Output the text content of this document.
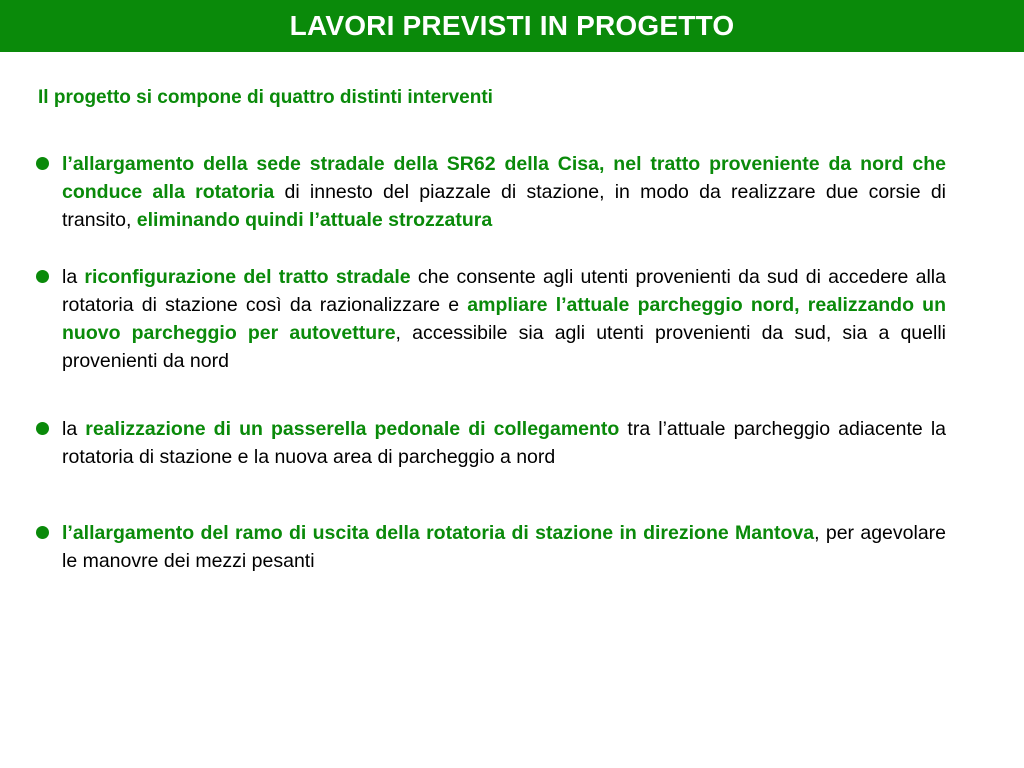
LAVORI PREVISTI IN PROGETTO
Il progetto si compone di quattro distinti interventi
l’allargamento della sede stradale della SR62 della Cisa, nel tratto proveniente da nord che conduce alla rotatoria di innesto del piazzale di stazione, in modo da realizzare due corsie di transito, eliminando quindi l’attuale strozzatura
la riconfigurazione del tratto stradale che consente agli utenti provenienti da sud di accedere alla rotatoria di stazione così da razionalizzare e ampliare l’attuale parcheggio nord, realizzando un nuovo parcheggio per autovetture, accessibile sia agli utenti provenienti da sud, sia a quelli provenienti da nord
la realizzazione di un passerella pedonale di collegamento tra l’attuale parcheggio adiacente la rotatoria di stazione e la nuova area di parcheggio a nord
l’allargamento del ramo di uscita della rotatoria di stazione in direzione Mantova, per agevolare le manovre dei mezzi pesanti
